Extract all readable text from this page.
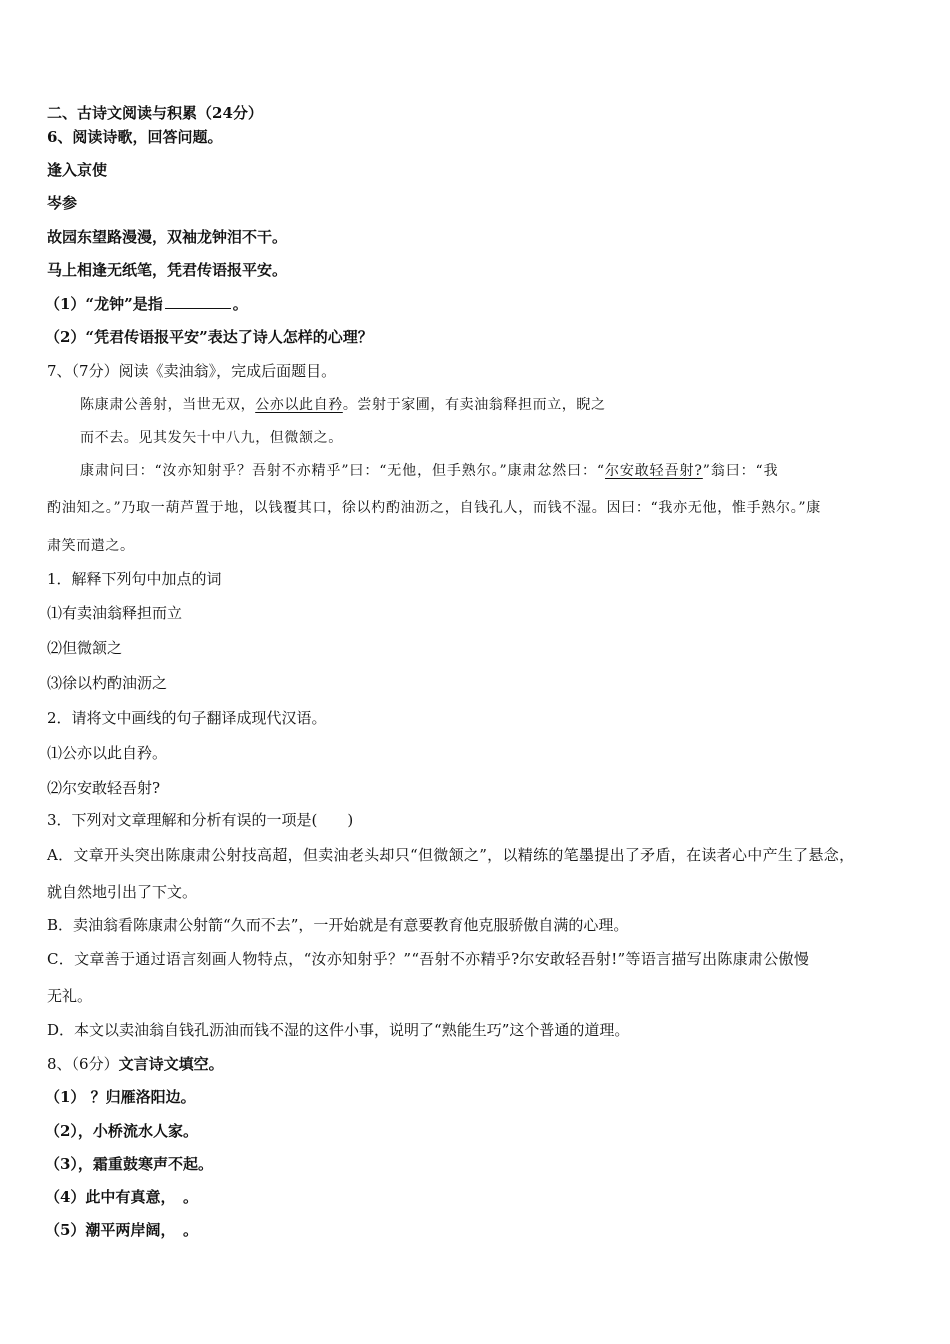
二、古诗文阅读与积累（24分）
6、阅读诗歌，回答问题。
逢入京使
岑参
故园东望路漫漫，双袖龙钟泪不干。
马上相逢无纸笔，凭君传语报平安。
（1）“龙钟”是指	。
（2）“凭君传语报平安”表达了诗人怎样的心理？
7、（7分）阅读《卖油翁》，完成后面题目。
陈康肃公善射，当世无双，公亦以此自矜。尝射于家圃，有卖油翁释担而立，睨之
而不去。见其发矢十中八九，但微颔之。
康肃问曰：“汝亦知射乎？吾射不亦精乎”曰：“无他，但手熟尔。”康肃忿然曰：“尔安敢轻吾射?”翁曰：“我
酌油知之。”乃取一葫芦置于地，以钱覆其口，徐以杓酌油沥之，自钱孔人，而钱不湿。因曰：“我亦无他，惟手熟尔。”康
肃笑而遣之。
1．解释下列句中加点的词
⑴有卖油翁释担而立
⑵但微颔之
⑶徐以杓酌油沥之
2．请将文中画线的句子翻译成现代汉语。
⑴公亦以此自矜。
⑵尔安敢轻吾射?
3．下列对文章理解和分析有误的一项是(　　)
A．文章开头突出陈康肃公射技高超，但卖油老头却只“但微颔之”，以精练的笔墨提出了矛盾，在读者心中产生了悬念，
就自然地引出了下文。
B．卖油翁看陈康肃公射箭“久而不去”，一开始就是有意要教育他克服骄傲自满的心理。
C．文章善于通过语言刻画人物特点，“汝亦知射乎？”“吾射不亦精乎?尔安敢轻吾射!”等语言描写出陈康肃公傲慢
无礼。
D．本文以卖油翁自钱孔沥油而钱不湿的这件小事，说明了“熟能生巧”这个普通的道理。
8、（6分）文言诗文填空。
（1） ？归雁洛阳边。
（2），小桥流水人家。
（3），霜重鼓寒声不起。
（4）此中有真意，　。
（5）潮平两岸阔，　。
